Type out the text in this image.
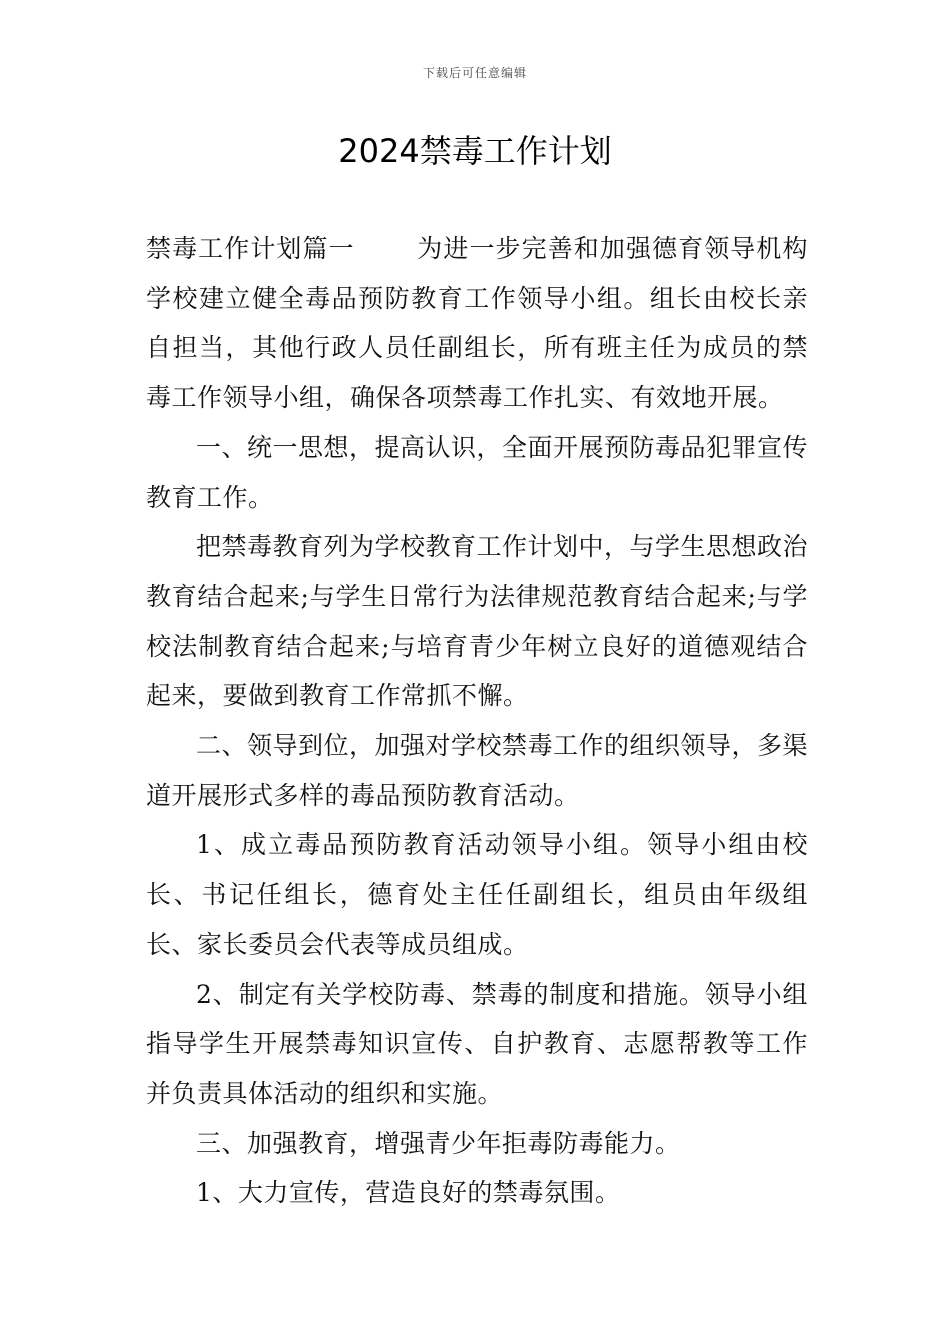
下载后可任意编辑
2024禁毒工作计划

禁毒工作计划篇一 为进一步完善和加强德育领导机构学校建立健全毒品预防教育工作领导小组。组长由校长亲自担当，其他行政人员任副组长，所有班主任为成员的禁毒工作领导小组，确保各项禁毒工作扎实、有效地开展。

一、统一思想，提高认识，全面开展预防毒品犯罪宣传教育工作。

把禁毒教育列为学校教育工作计划中，与学生思想政治教育结合起来;与学生日常行为法律规范教育结合起来;与学校法制教育结合起来;与培育青少年树立良好的道德观结合起来，要做到教育工作常抓不懈。

二、领导到位，加强对学校禁毒工作的组织领导，多渠道开展形式多样的毒品预防教育活动。

1、成立毒品预防教育活动领导小组。领导小组由校长、书记任组长，德育处主任任副组长，组员由年级组长、家长委员会代表等成员组成。

2、制定有关学校防毒、禁毒的制度和措施。领导小组指导学生开展禁毒知识宣传、自护教育、志愿帮教等工作并负责具体活动的组织和实施。

三、加强教育，增强青少年拒毒防毒能力。

1、大力宣传，营造良好的禁毒氛围。
